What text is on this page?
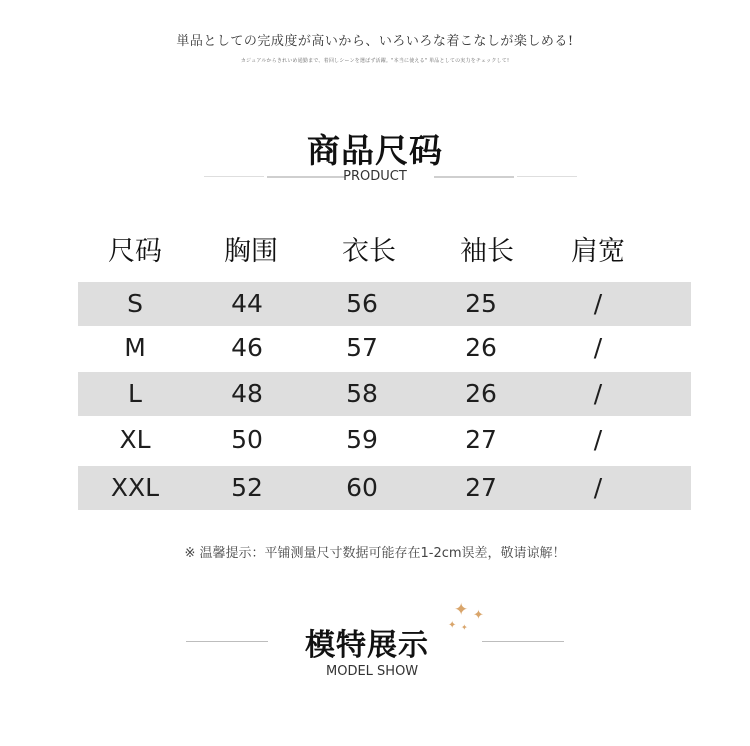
単品としての完成度が高いから、いろいろな着こなしが楽しめる!
カジュアルからきれいめ通勤まで、着回しシーンを選ばず活躍。"本当に使える" 単品としての実力をチェックして!
商品尺码
PRODUCT
尺码 胸围 衣长 袖长 肩宽
S	44	56	25	/
M	46	57	26	/
L	48	58	26	/
XL	50	59	27	/
XXL	52	60	27	/
※ 温馨提示：平铺测量尺寸数据可能存在1-2cm误差，敬请谅解！
模特展示
✦ ✦
✦ ✦
MODEL SHOW
